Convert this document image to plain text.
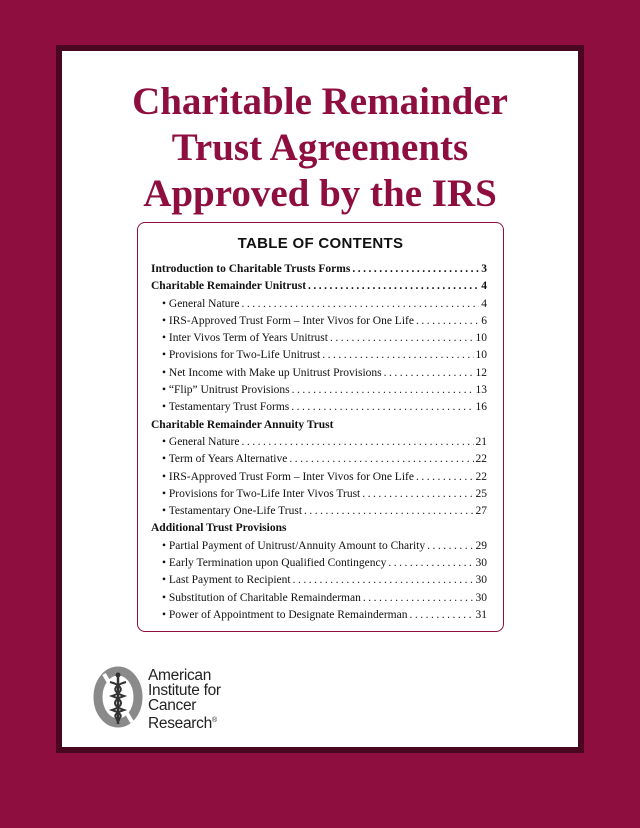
Charitable Remainder
Trust Agreements
Approved by the IRS
TABLE OF CONTENTS
Introduction to Charitable Trusts Forms .....	3
Charitable Remainder Unitrust .....	4
• General Nature .....	4
• IRS-Approved Trust Form – Inter Vivos for One Life .....	6
• Inter Vivos Term of Years Unitrust .....	10
• Provisions for Two-Life Unitrust .....	10
• Net Income with Make up Unitrust Provisions .....	12
• “Flip” Unitrust Provisions .....	13
• Testamentary Trust Forms .....	16
Charitable Remainder Annuity Trust
• General Nature .....	21
• Term of Years Alternative .....	22
• IRS-Approved Trust Form – Inter Vivos for One Life .....	22
• Provisions for Two-Life Inter Vivos Trust .....	25
• Testamentary One-Life Trust .....	27
Additional Trust Provisions
• Partial Payment of Unitrust/Annuity Amount to Charity .....	29
• Early Termination upon Qualified Contingency .....	30
• Last Payment to Recipient .....	30
• Substitution of Charitable Remainderman .....	30
• Power of Appointment to Designate Remainderman .....	31
American
Institute for
Cancer
Research®
